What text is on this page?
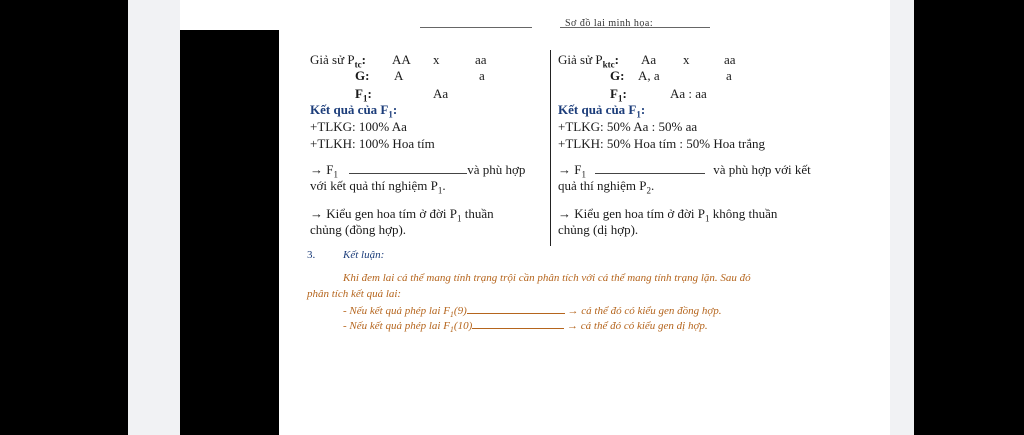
Sơ đồ lai minh họa:
Giả sử $P_{tc}$: AA x	aa
G: A	a
$F_1$:	Aa
Kết quả của $F_1$:
+TLKG: 100% Aa
+TLKH: 100% Hoa tím
→ $F_1$	và phù hợp
với kết quả thí nghiệm $P_1$.
→ Kiểu gen hoa tím ở đời $P_1$ thuần
chủng (đồng hợp).
Giả sử $P_{ktc}$: Aa x	aa
G: A, a	a
$F_1$:	Aa : aa
Kết quả của $F_1$:
+TLKG: 50% Aa : 50% aa
+TLKH: 50% Hoa tím : 50% Hoa trắng
→ $F_1$	và phù hợp với kết
quả thí nghiệm $P_2$.
→ Kiểu gen hoa tím ở đời $P_1$ không thuần
chủng (dị hợp).
3.	Kết luận:
Khi đem lai cá thể mang tính trạng trội cần phân tích với cá thể mang tính trạng lặn. Sau đó
phân tích kết quả lai:
- Nếu kết quả phép lai $F_1(9)$	→ cá thể đó có kiểu gen đồng hợp.
- Nếu kết quả phép lai $F_1(10)$	→ cá thể đó có kiểu gen dị hợp.
